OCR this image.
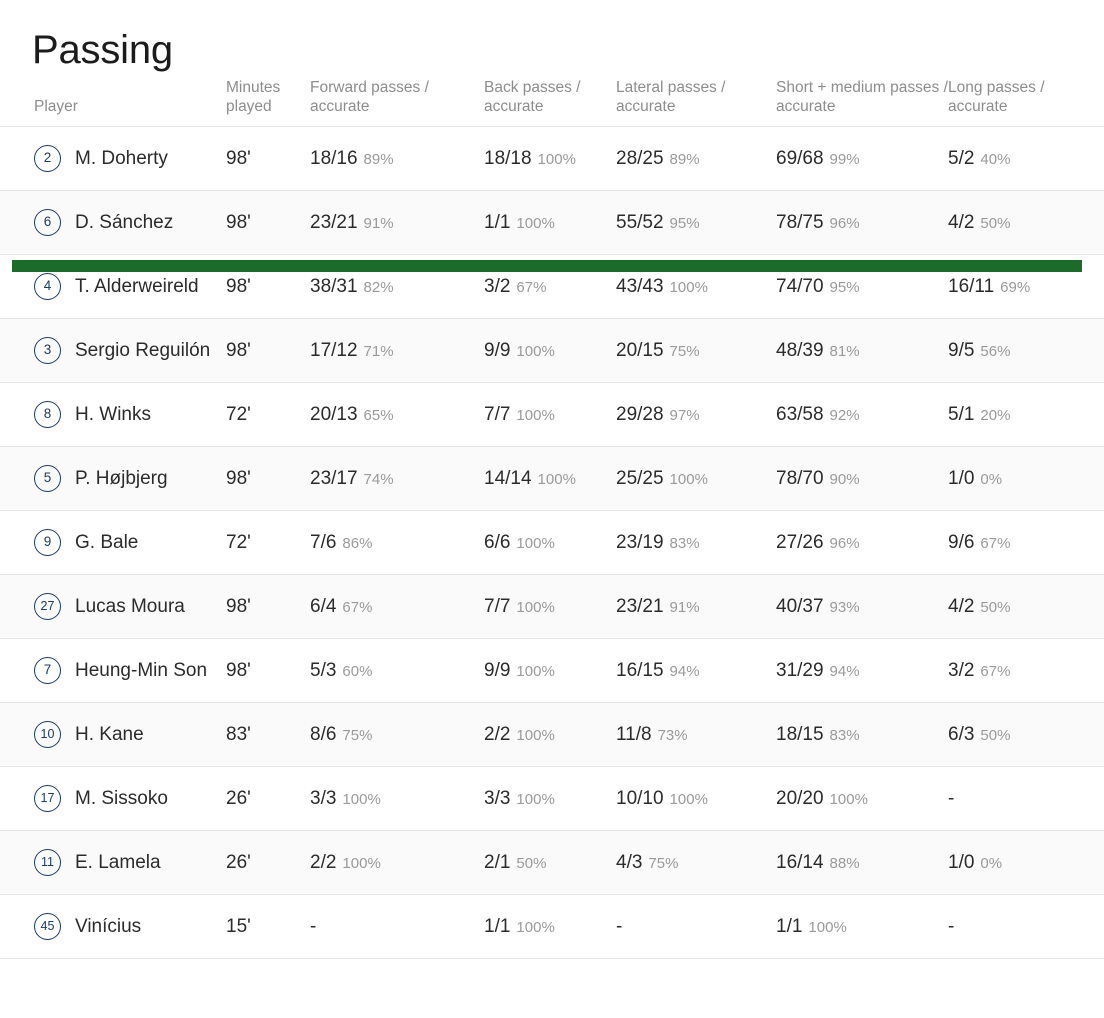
Passing
Player	Minutes played	Forward passes / accurate	Back passes / accurate	Lateral passes / accurate	Short + medium passes / accurate	Long passes / accurate

2 M. Doherty	98'	18/16 89%	18/18 100%	28/25 89%	69/68 99%	5/2 40%

6 D. Sánchez	98'	23/21 91%	1/1 100%	55/52 95%	78/75 96%	4/2 50%

4 T. Alderweireld	98'	38/31 82%	3/2 67%	43/43 100%	74/70 95%	16/11 69%

3 Sergio Reguilón	98'	17/12 71%	9/9 100%	20/15 75%	48/39 81%	9/5 56%

8 H. Winks	72'	20/13 65%	7/7 100%	29/28 97%	63/58 92%	5/1 20%

5 P. Højbjerg	98'	23/17 74%	14/14 100%	25/25 100%	78/70 90%	1/0 0%

9 G. Bale	72'	7/6 86%	6/6 100%	23/19 83%	27/26 96%	9/6 67%

27 Lucas Moura	98'	6/4 67%	7/7 100%	23/21 91%	40/37 93%	4/2 50%

7 Heung-Min Son	98'	5/3 60%	9/9 100%	16/15 94%	31/29 94%	3/2 67%

10 H. Kane	83'	8/6 75%	2/2 100%	11/8 73%	18/15 83%	6/3 50%

17 M. Sissoko	26'	3/3 100%	3/3 100%	10/10 100%	20/20 100%	-

11 E. Lamela	26'	2/2 100%	2/1 50%	4/3 75%	16/14 88%	1/0 0%

45 Vinícius	15'	-	1/1 100%	-	1/1 100%	-
